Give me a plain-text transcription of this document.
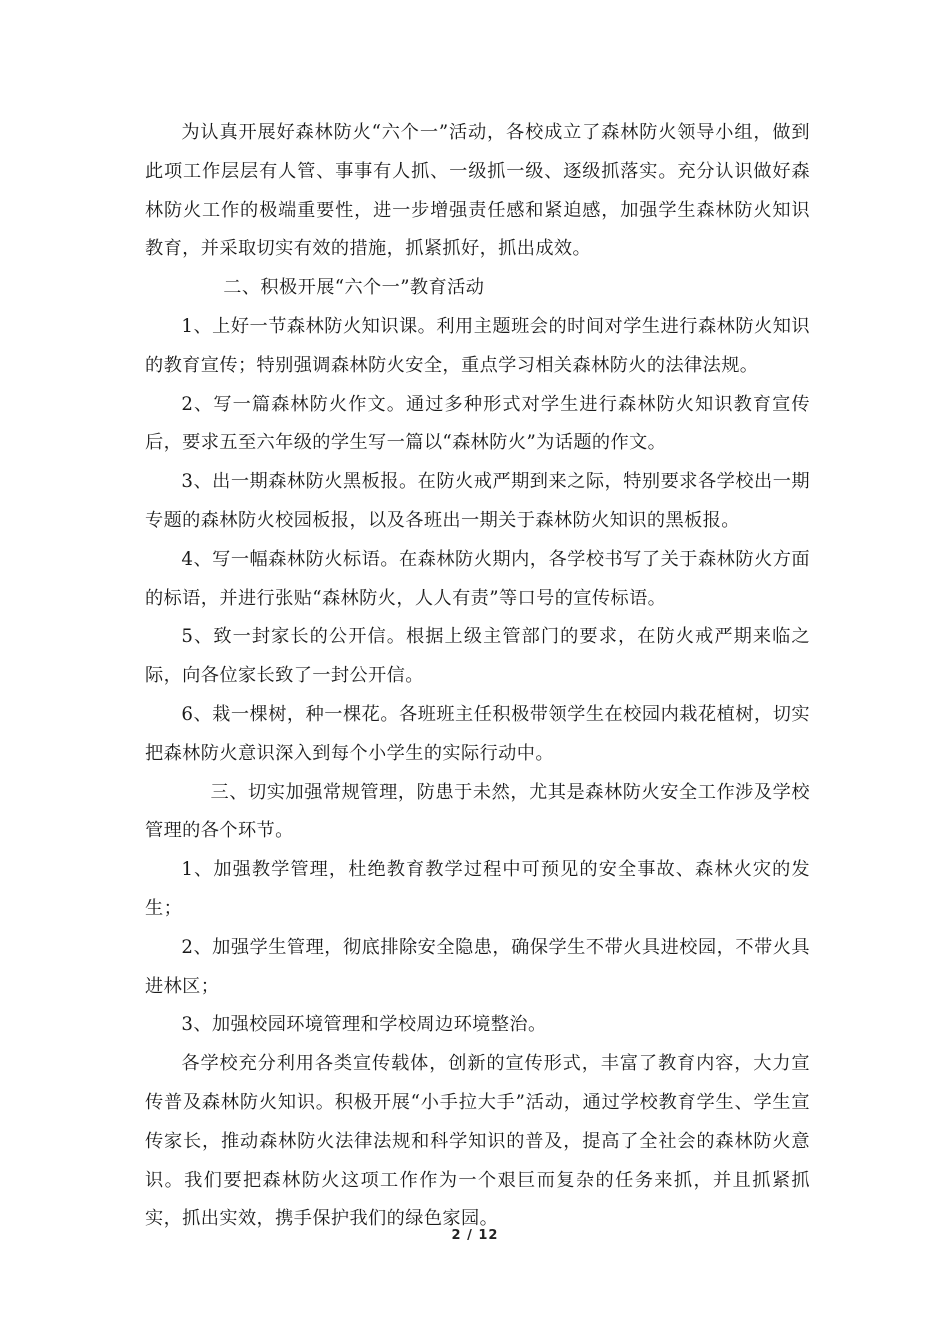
为认真开展好森林防火“六个一”活动，各校成立了森林防火领导小组，做到此项工作层层有人管、事事有人抓、一级抓一级、逐级抓落实。充分认识做好森林防火工作的极端重要性，进一步增强责任感和紧迫感，加强学生森林防火知识教育，并采取切实有效的措施，抓紧抓好，抓出成效。

二、积极开展“六个一”教育活动

1、上好一节森林防火知识课。利用主题班会的时间对学生进行森林防火知识的教育宣传；特别强调森林防火安全，重点学习相关森林防火的法律法规。

2、写一篇森林防火作文。通过多种形式对学生进行森林防火知识教育宣传后，要求五至六年级的学生写一篇以“森林防火”为话题的作文。

3、出一期森林防火黑板报。在防火戒严期到来之际，特别要求各学校出一期专题的森林防火校园板报，以及各班出一期关于森林防火知识的黑板报。

4、写一幅森林防火标语。在森林防火期内，各学校书写了关于森林防火方面的标语，并进行张贴“森林防火，人人有责”等口号的宣传标语。

5、致一封家长的公开信。根据上级主管部门的要求，在防火戒严期来临之际，向各位家长致了一封公开信。

6、栽一棵树，种一棵花。各班班主任积极带领学生在校园内栽花植树，切实把森林防火意识深入到每个小学生的实际行动中。

三、切实加强常规管理，防患于未然，尤其是森林防火安全工作涉及学校管理的各个环节。

1、加强教学管理，杜绝教育教学过程中可预见的安全事故、森林火灾的发生；

2、加强学生管理，彻底排除安全隐患，确保学生不带火具进校园，不带火具进林区；

3、加强校园环境管理和学校周边环境整治。

各学校充分利用各类宣传载体，创新的宣传形式，丰富了教育内容，大力宣传普及森林防火知识。积极开展“小手拉大手”活动，通过学校教育学生、学生宣传家长，推动森林防火法律法规和科学知识的普及，提高了全社会的森林防火意识。我们要把森林防火这项工作作为一个艰巨而复杂的任务来抓，并且抓紧抓实，抓出实效，携手保护我们的绿色家园。

2 / 12
